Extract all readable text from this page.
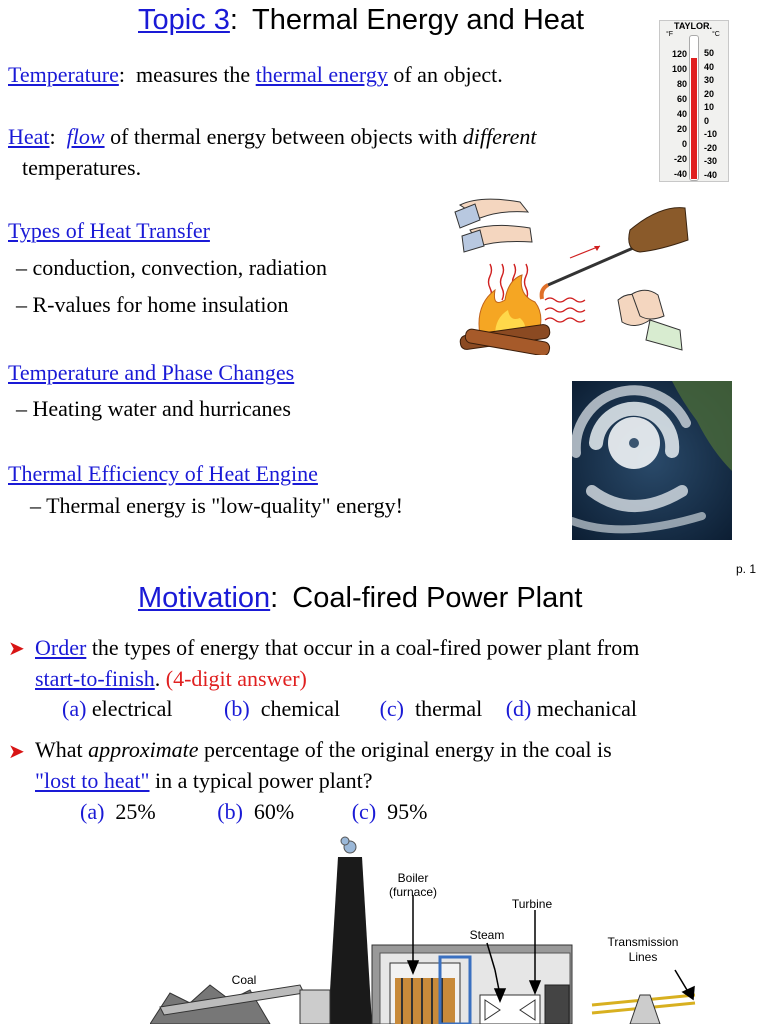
Topic 3: Thermal Energy and Heat	TAYLOR.
°F	°C
120
100
80
60
40
20
0
-20
-40
50
40
30
20
10
0
-10
-20
-30
-40
Temperature: measures the thermal energy of an object.
Heat: flow of thermal energy between objects with different
temperatures.
Types of Heat Transfer
– conduction, convection, radiation
– R-values for home insulation
Temperature and Phase Changes
– Heating water and hurricanes
Thermal Efficiency of Heat Engine
– Thermal energy is "low-quality" energy!
p. 1
Motivation: Coal-fired Power Plant
➤ Order the types of energy that occur in a coal-fired power plant from
start-to-finish. (4-digit answer)
(a) electrical (b) chemical (c) thermal (d) mechanical
➤ What approximate percentage of the original energy in the coal is
"lost to heat" in a typical power plant?
(a) 25%	(b) 60%	(c) 95%
Boiler
(furnace)
Turbine
Steam	Transmission
Lines
Coal
